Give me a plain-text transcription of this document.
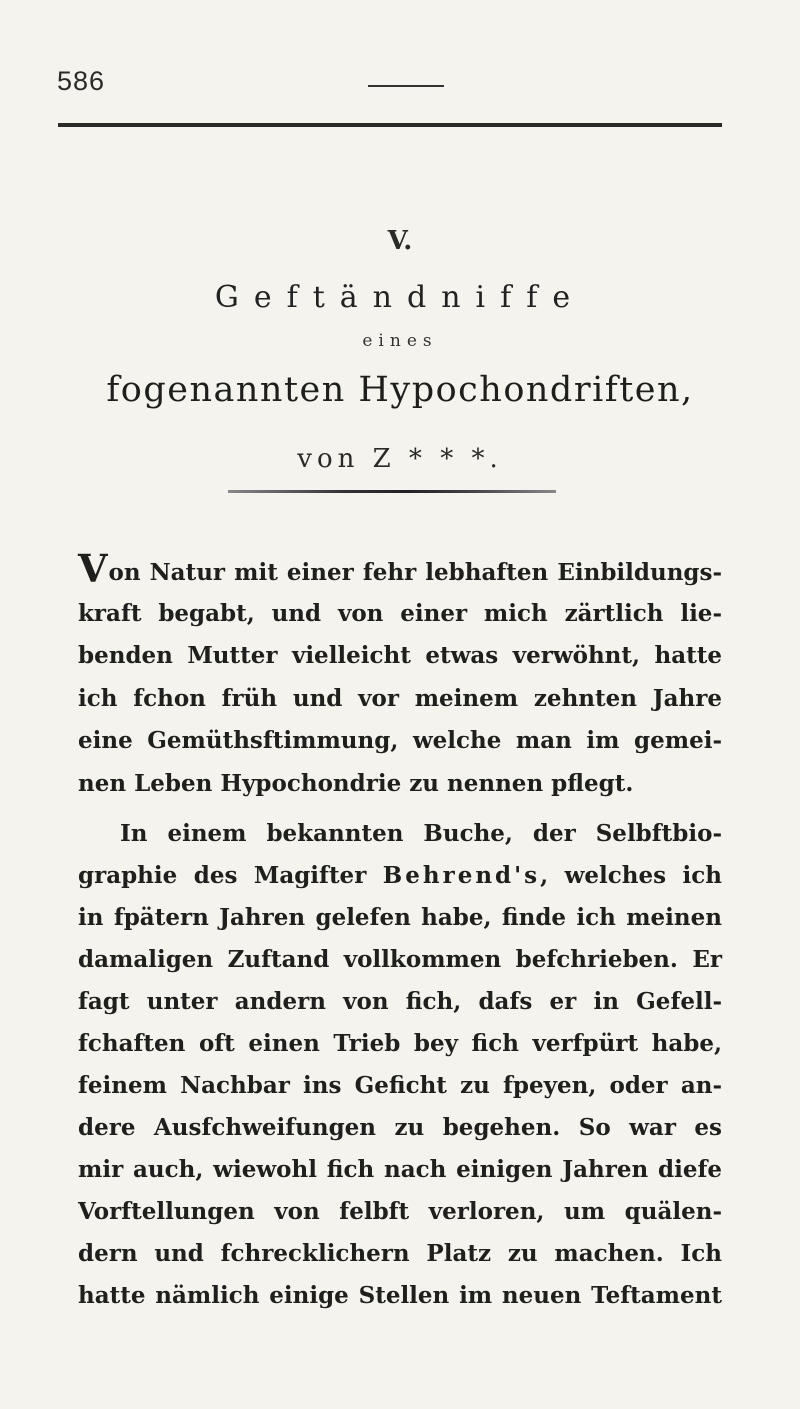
586
V.
Geftändniffe
eines
fogenannten Hypochondriften,
von Z * * *.
Von Natur mit einer fehr lebhaften Einbildungs-
kraft begabt, und von einer mich zärtlich lie-
benden Mutter vielleicht etwas verwöhnt, hatte
ich fchon früh und vor meinem zehnten Jahre
eine Gemüthsftimmung, welche man im gemei-
nen Leben Hypochondrie zu nennen pflegt.
In einem bekannten Buche, der Selbftbio-
graphie des Magifter Behrend's, welches ich
in fpätern Jahren gelefen habe, finde ich meinen
damaligen Zuftand vollkommen befchrieben. Er
fagt unter andern von fich, dafs er in Gefell-
fchaften oft einen Trieb bey fich verfpürt habe,
feinem Nachbar ins Geficht zu fpeyen, oder an-
dere Ausfchweifungen zu begehen. So war es
mir auch, wiewohl fich nach einigen Jahren diefe
Vorftellungen von felbft verloren, um quälen-
dern und fchrecklichern Platz zu machen. Ich
hatte nämlich einige Stellen im neuen Teftament
